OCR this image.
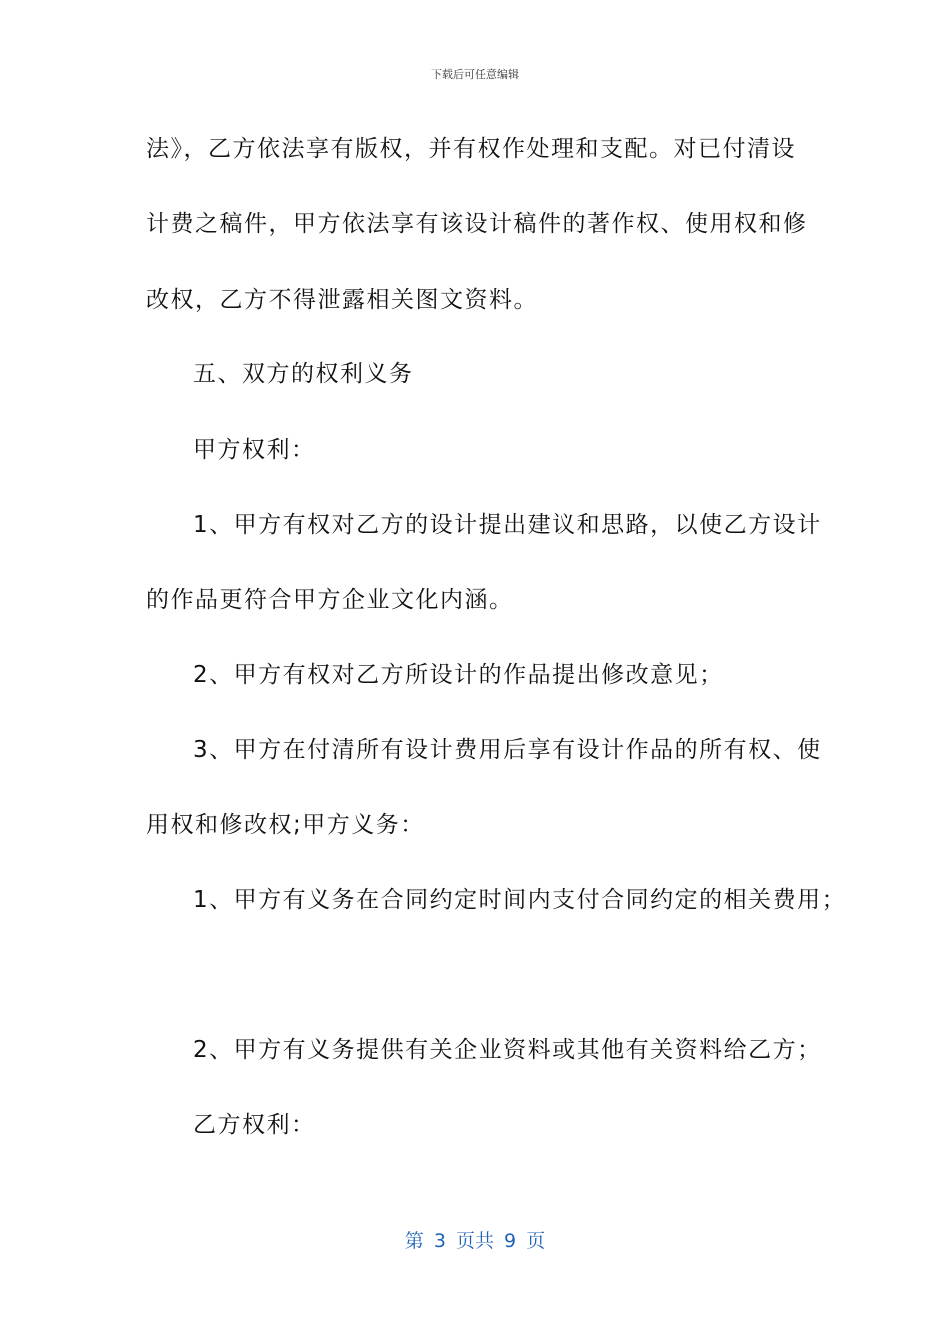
下载后可任意编辑
法》，乙方依法享有版权，并有权作处理和支配。对已付清设
计费之稿件，甲方依法享有该设计稿件的著作权、使用权和修
改权，乙方不得泄露相关图文资料。
五、双方的权利义务
甲方权利：
1、甲方有权对乙方的设计提出建议和思路，以使乙方设计
的作品更符合甲方企业文化内涵。
2、甲方有权对乙方所设计的作品提出修改意见；
3、甲方在付清所有设计费用后享有设计作品的所有权、使
用权和修改权;甲方义务：
1、甲方有义务在合同约定时间内支付合同约定的相关费用；
2、甲方有义务提供有关企业资料或其他有关资料给乙方；
乙方权利：
第 3 页共 9 页
